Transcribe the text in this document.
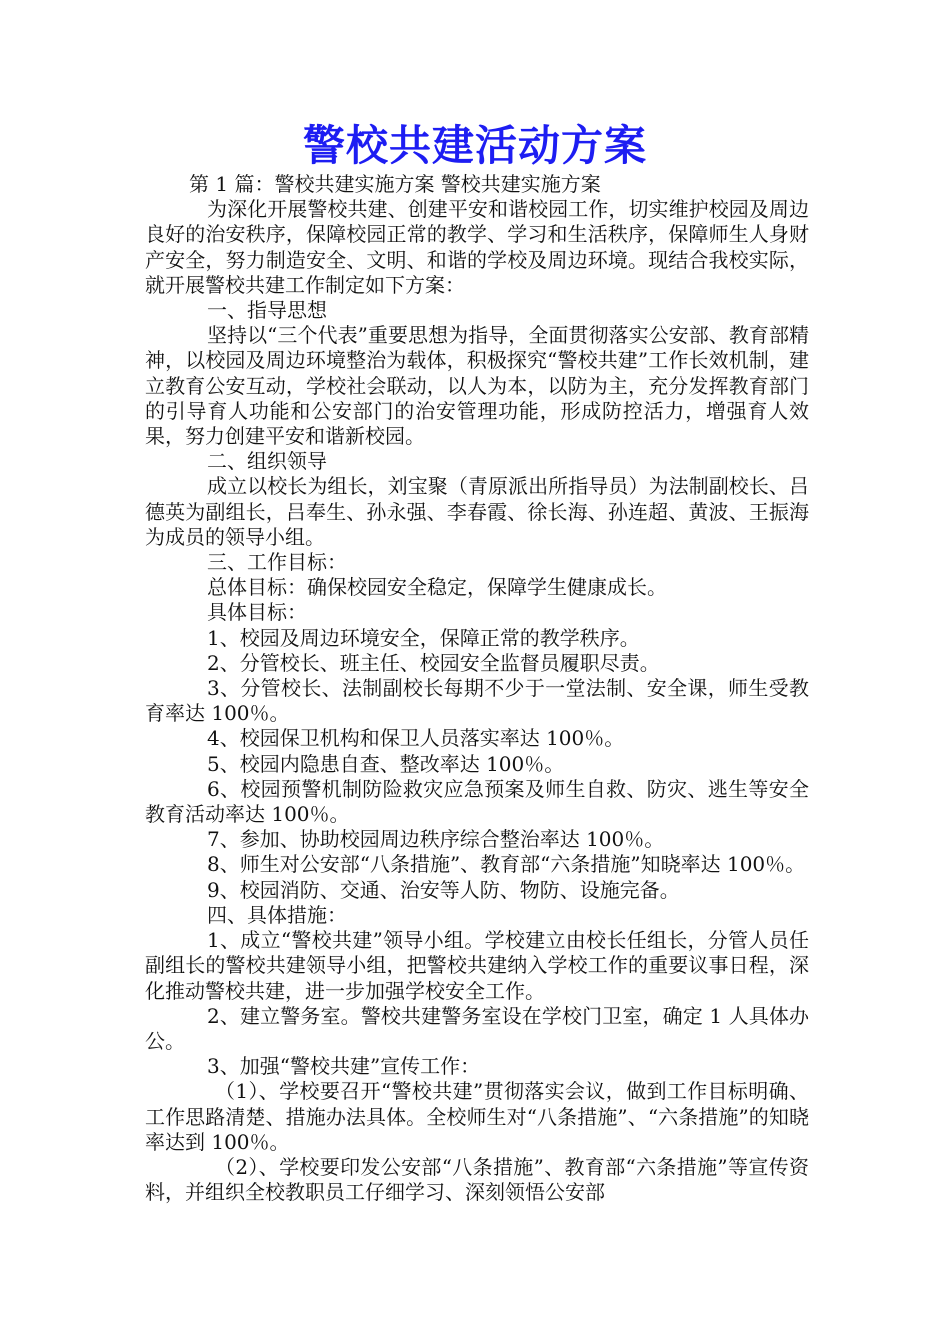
警校共建活动方案

第 1 篇：警校共建实施方案 警校共建实施方案

为深化开展警校共建、创建平安和谐校园工作，切实维护校园及周边良好的治安秩序，保障校园正常的教学、学习和生活秩序，保障师生人身财产安全，努力制造安全、文明、和谐的学校及周边环境。现结合我校实际，就开展警校共建工作制定如下方案：

一、指导思想

坚持以“三个代表”重要思想为指导，全面贯彻落实公安部、教育部精神，以校园及周边环境整治为载体，积极探究“警校共建”工作长效机制，建立教育公安互动，学校社会联动，以人为本，以防为主，充分发挥教育部门的引导育人功能和公安部门的治安管理功能，形成防控活力，增强育人效果，努力创建平安和谐新校园。

二、组织领导

成立以校长为组长，刘宝聚（青原派出所指导员）为法制副校长、吕德英为副组长，吕奉生、孙永强、李春霞、徐长海、孙连超、黄波、王振海为成员的领导小组。

三、工作目标：

总体目标：确保校园安全稳定，保障学生健康成长。

具体目标：

1、校园及周边环境安全，保障正常的教学秩序。

2、分管校长、班主任、校园安全监督员履职尽责。

3、分管校长、法制副校长每期不少于一堂法制、安全课，师生受教育率达 100％。

4、校园保卫机构和保卫人员落实率达 100％。

5、校园内隐患自查、整改率达 100％。

6、校园预警机制防险救灾应急预案及师生自救、防灾、逃生等安全教育活动率达 100％。

7、参加、协助校园周边秩序综合整治率达 100％。

8、师生对公安部“八条措施”、教育部“六条措施”知晓率达 100％。

9、校园消防、交通、治安等人防、物防、设施完备。

四、具体措施：

1、成立“警校共建”领导小组。学校建立由校长任组长，分管人员任副组长的警校共建领导小组，把警校共建纳入学校工作的重要议事日程，深化推动警校共建，进一步加强学校安全工作。

2、建立警务室。警校共建警务室设在学校门卫室，确定 1 人具体办公。

3、加强“警校共建”宣传工作：

（1）、学校要召开“警校共建”贯彻落实会议，做到工作目标明确、工作思路清楚、措施办法具体。全校师生对“八条措施”、“六条措施”的知晓率达到 100％。

（2）、学校要印发公安部“八条措施”、教育部“六条措施”等宣传资料，并组织全校教职员工仔细学习、深刻领悟公安部
